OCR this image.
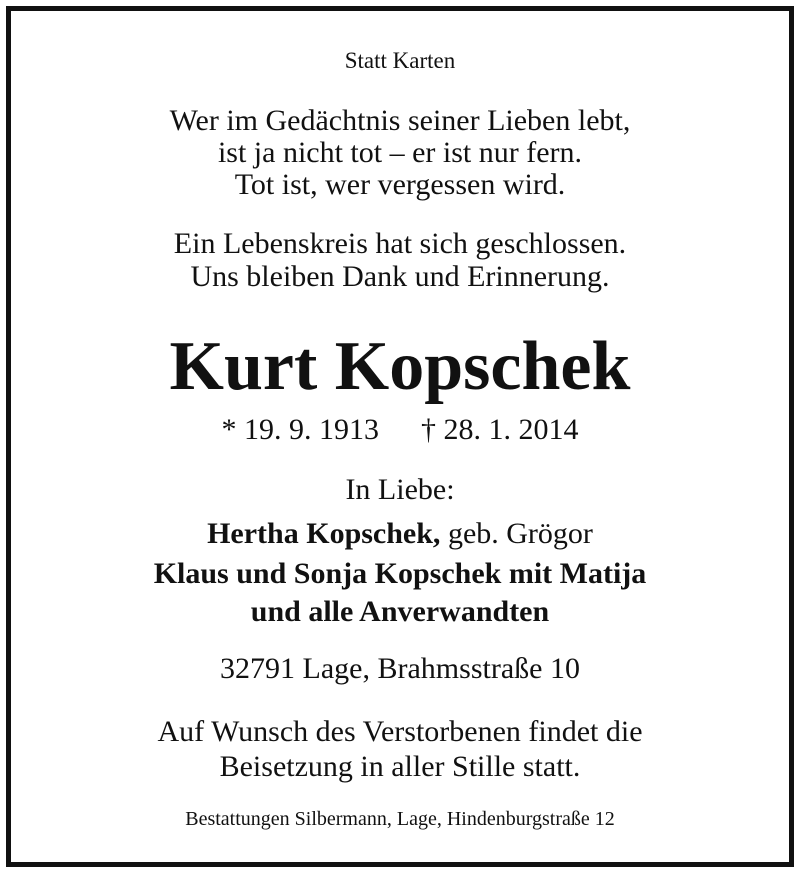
Statt Karten

Wer im Gedächtnis seiner Lieben lebt,

ist ja nicht tot – er ist nur fern.

Tot ist, wer vergessen wird.

Ein Lebenskreis hat sich geschlossen.

Uns bleiben Dank und Erinnerung.

Kurt Kopschek

* 19. 9. 1913 † 28. 1. 2014

In Liebe:

Hertha Kopschek, geb. Grögor

Klaus und Sonja Kopschek mit Matija

und alle Anverwandten

32791 Lage, Brahmsstraße 10

Auf Wunsch des Verstorbenen findet die

Beisetzung in aller Stille statt.

Bestattungen Silbermann, Lage, Hindenburgstraße 12
